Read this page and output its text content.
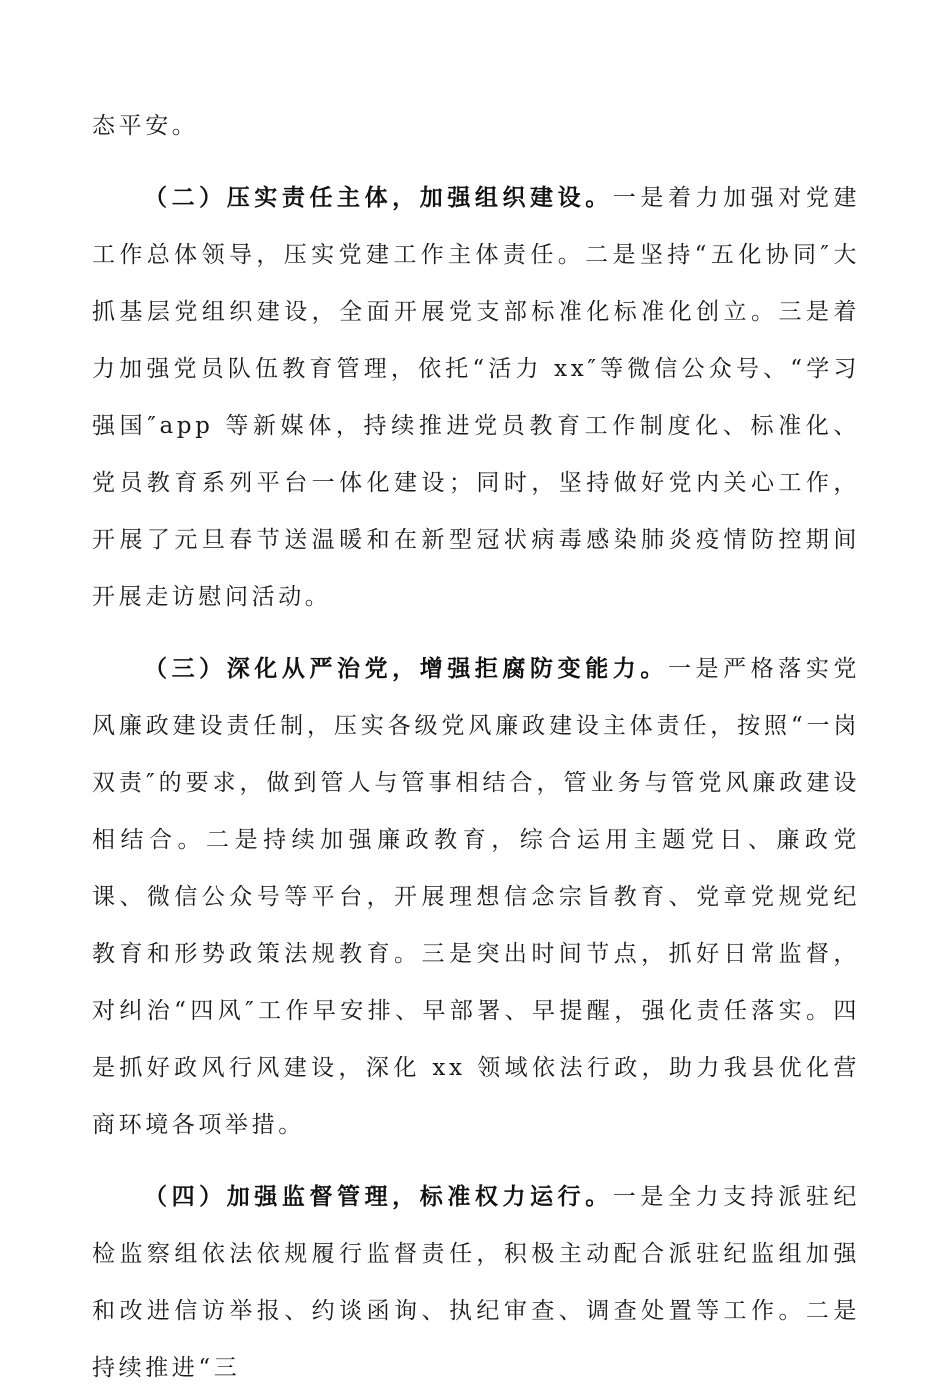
态平安。

（二）压实责任主体，加强组织建设。一是着力加强对党建工作总体领导，压实党建工作主体责任。二是坚持“五化协同″大抓基层党组织建设，全面开展党支部标准化标准化创立。三是着力加强党员队伍教育管理，依托“活力 xx″等微信公众号、“学习强国″app 等新媒体，持续推进党员教育工作制度化、标准化、党员教育系列平台一体化建设；同时，坚持做好党内关心工作，开展了元旦春节送温暖和在新型冠状病毒感染肺炎疫情防控期间开展走访慰问活动。

（三）深化从严治党，增强拒腐防变能力。一是严格落实党风廉政建设责任制，压实各级党风廉政建设主体责任，按照“一岗双责″的要求，做到管人与管事相结合，管业务与管党风廉政建设相结合。二是持续加强廉政教育，综合运用主题党日、廉政党课、微信公众号等平台，开展理想信念宗旨教育、党章党规党纪教育和形势政策法规教育。三是突出时间节点，抓好日常监督，对纠治“四风″工作早安排、早部署、早提醒，强化责任落实。四是抓好政风行风建设，深化 xx 领域依法行政，助力我县优化营商环境各项举措。

（四）加强监督管理，标准权力运行。一是全力支持派驻纪检监察组依法依规履行监督责任，积极主动配合派驻纪监组加强和改进信访举报、约谈函询、执纪审查、调查处置等工作。二是持续推进“三
